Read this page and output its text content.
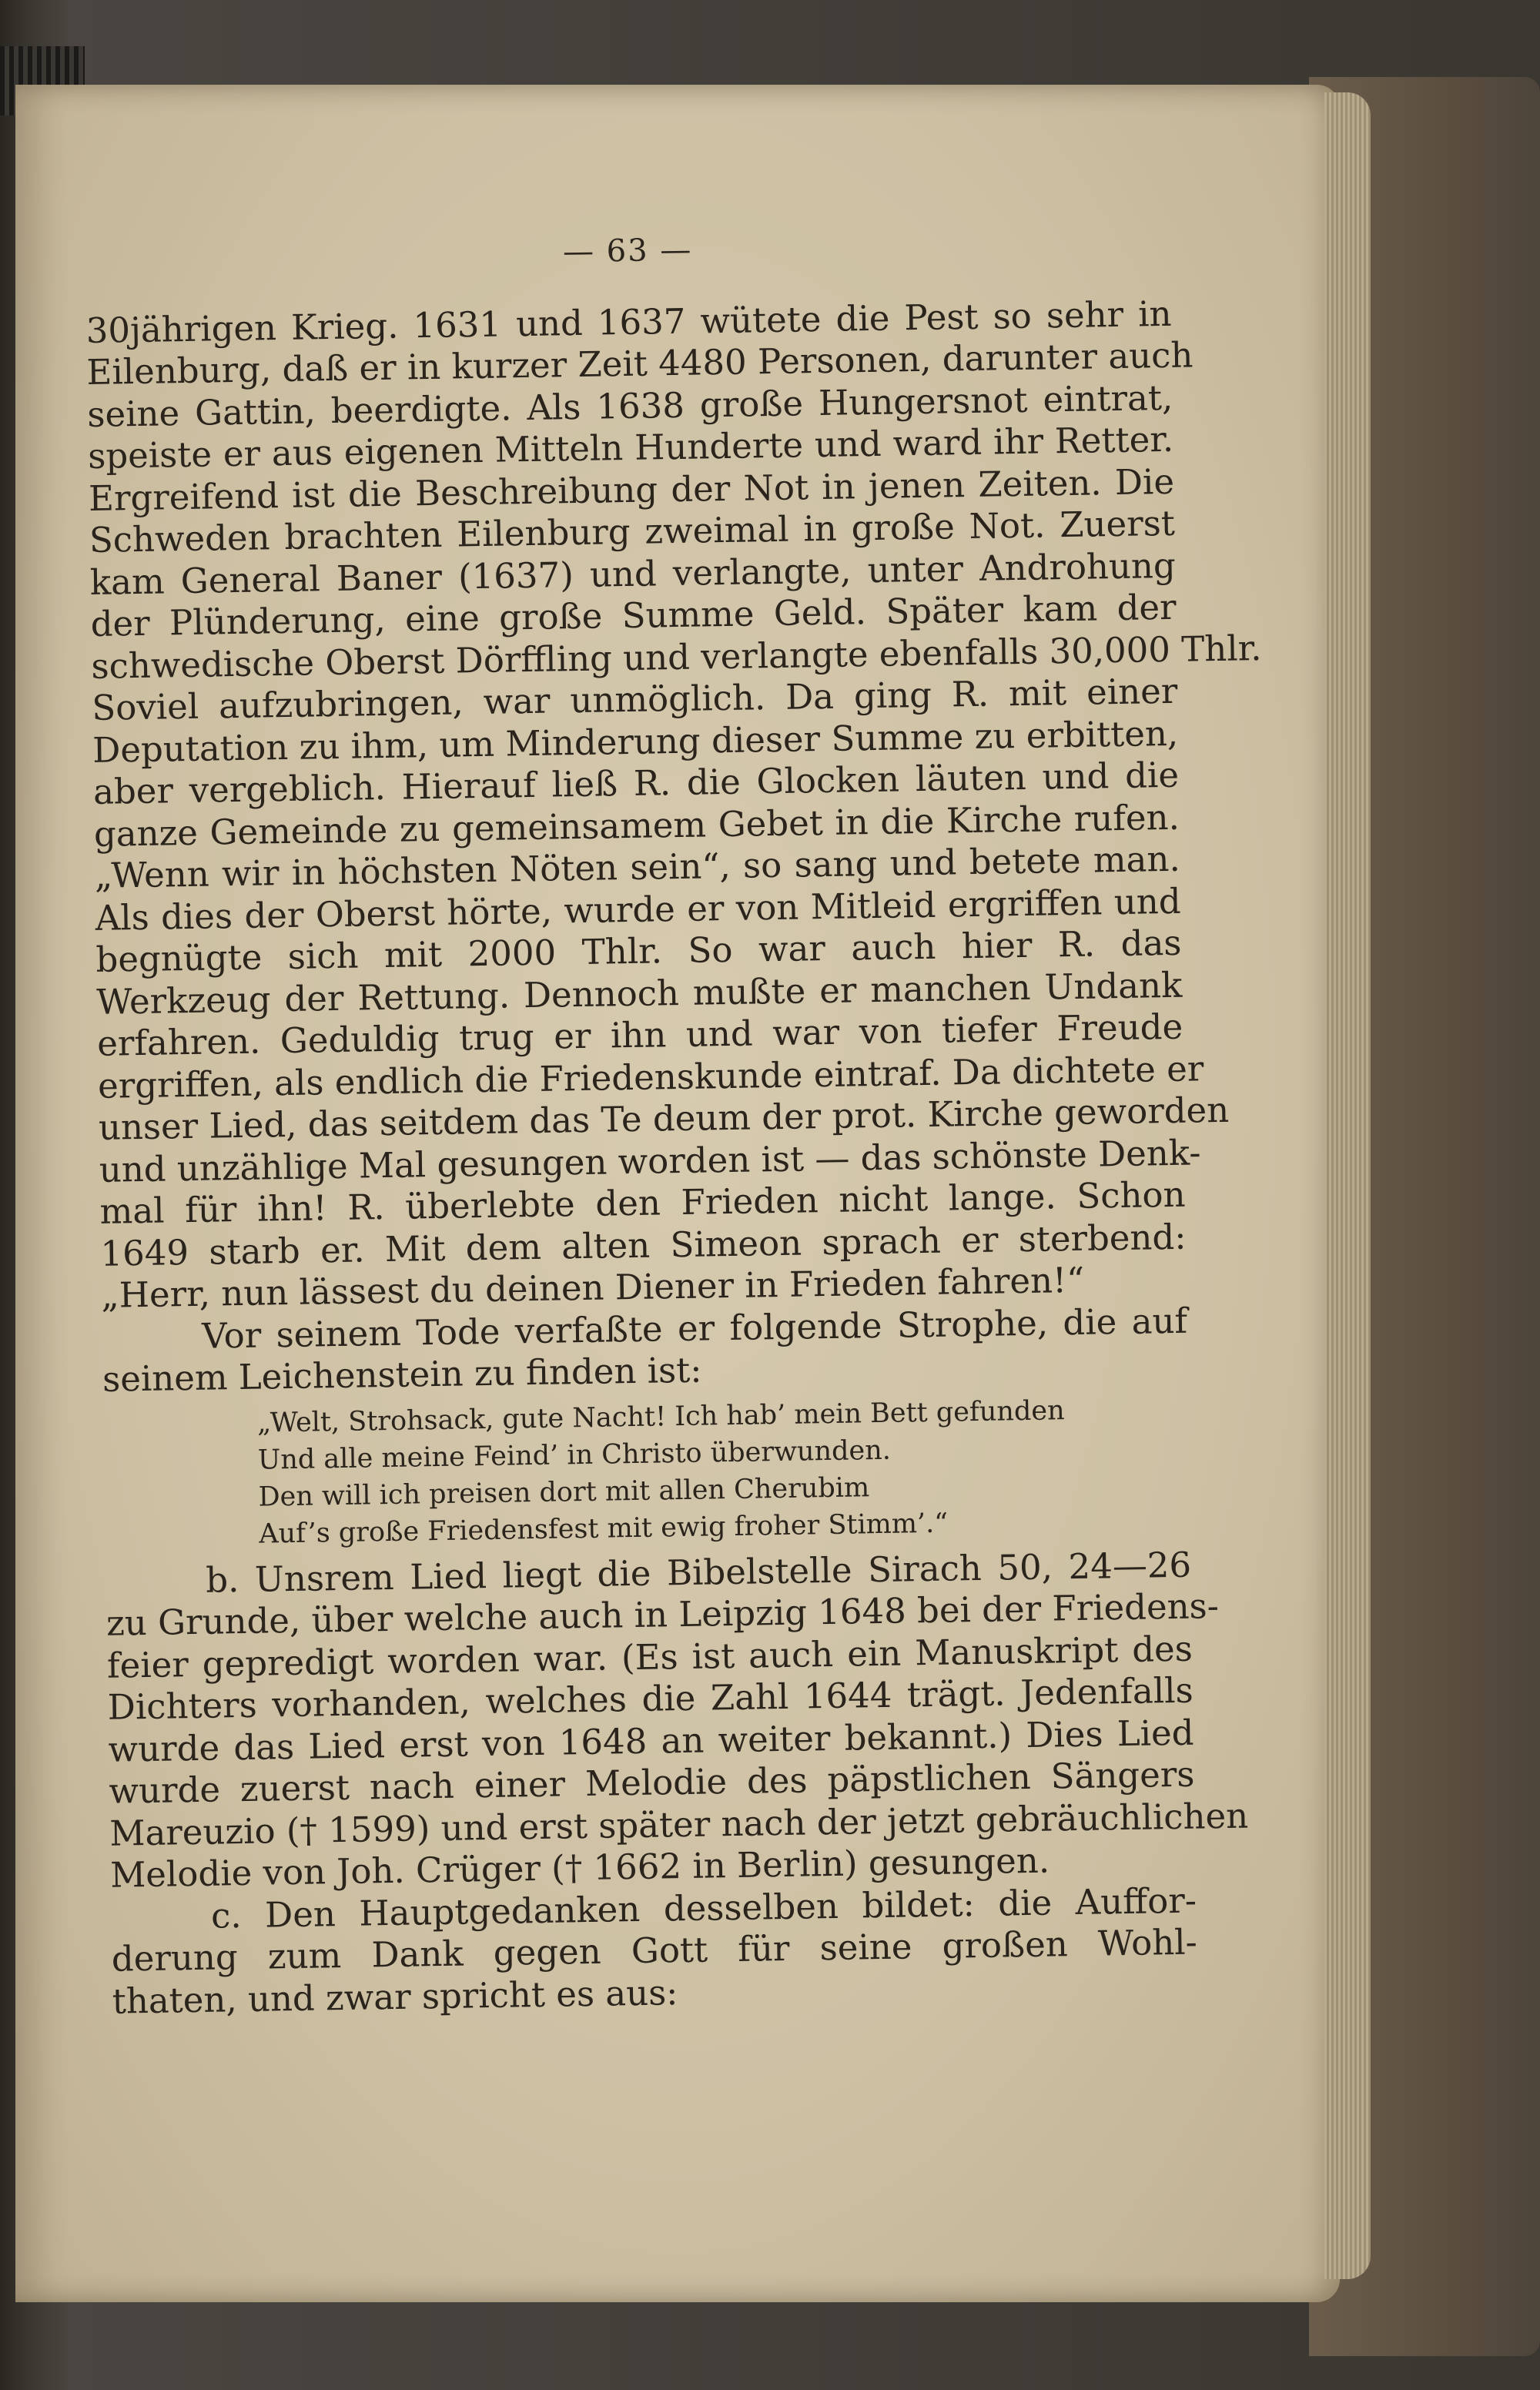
— 63 —
30jährigen Krieg. 1631 und 1637 wütete die Pest so sehr in
Eilenburg, daß er in kurzer Zeit 4480 Personen, darunter auch
seine Gattin, beerdigte. Als 1638 große Hungersnot eintrat,
speiste er aus eigenen Mitteln Hunderte und ward ihr Retter.
Ergreifend ist die Beschreibung der Not in jenen Zeiten. Die
Schweden brachten Eilenburg zweimal in große Not. Zuerst
kam General Baner (1637) und verlangte, unter Androhung
der Plünderung, eine große Summe Geld. Später kam der
schwedische Oberst Dörffling und verlangte ebenfalls 30,000 Thlr.
Soviel aufzubringen, war unmöglich. Da ging R. mit einer
Deputation zu ihm, um Minderung dieser Summe zu erbitten,
aber vergeblich. Hierauf ließ R. die Glocken läuten und die
ganze Gemeinde zu gemeinsamem Gebet in die Kirche rufen.
„Wenn wir in höchsten Nöten sein“, so sang und betete man.
Als dies der Oberst hörte, wurde er von Mitleid ergriffen und
begnügte sich mit 2000 Thlr. So war auch hier R. das
Werkzeug der Rettung. Dennoch mußte er manchen Undank
erfahren. Geduldig trug er ihn und war von tiefer Freude
ergriffen, als endlich die Friedenskunde eintraf. Da dichtete er
unser Lied, das seitdem das Te deum der prot. Kirche geworden
und unzählige Mal gesungen worden ist — das schönste Denk-
mal für ihn! R. überlebte den Frieden nicht lange. Schon
1649 starb er. Mit dem alten Simeon sprach er sterbend:
„Herr, nun lässest du deinen Diener in Frieden fahren!“
Vor seinem Tode verfaßte er folgende Strophe, die auf
seinem Leichenstein zu finden ist:
„Welt, Strohsack, gute Nacht! Ich hab’ mein Bett gefunden
Und alle meine Feind’ in Christo überwunden.
Den will ich preisen dort mit allen Cherubim
Auf’s große Friedensfest mit ewig froher Stimm’.“
b. Unsrem Lied liegt die Bibelstelle Sirach 50, 24—26
zu Grunde, über welche auch in Leipzig 1648 bei der Friedens-
feier gepredigt worden war. (Es ist auch ein Manuskript des
Dichters vorhanden, welches die Zahl 1644 trägt. Jedenfalls
wurde das Lied erst von 1648 an weiter bekannt.) Dies Lied
wurde zuerst nach einer Melodie des päpstlichen Sängers
Mareuzio († 1599) und erst später nach der jetzt gebräuchlichen
Melodie von Joh. Crüger († 1662 in Berlin) gesungen.
c. Den Hauptgedanken desselben bildet: die Auffor-
derung zum Dank gegen Gott für seine großen Wohl-
thaten, und zwar spricht es aus:
